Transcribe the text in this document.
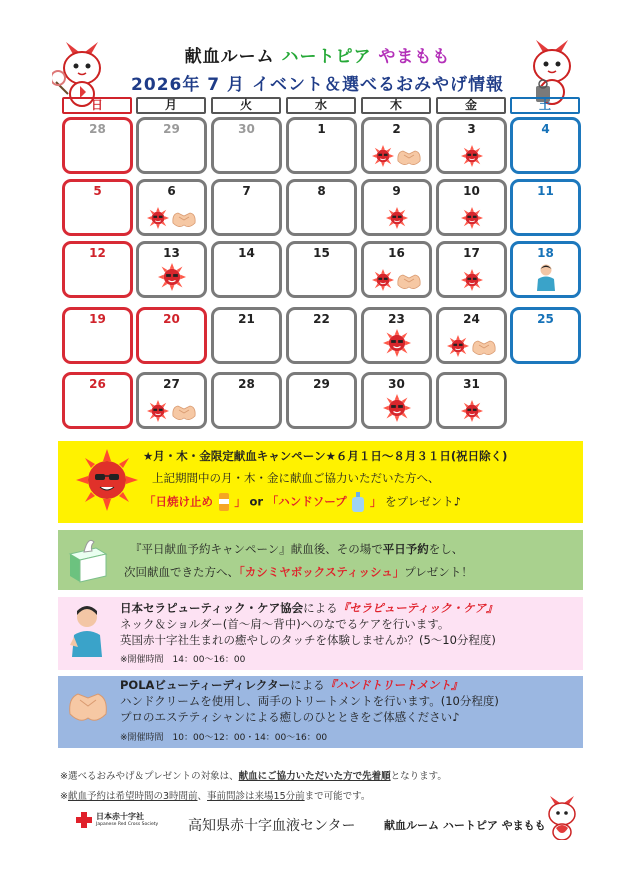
献血ルーム ハートピア やまもも
2026年 7 月 イベント＆選べるおみやげ情報
日	月	火	水	木	金	土
28	29	30	1	2	3	4
5	6	7	8	9	10	11
12	13	14	15	16	17	18
19	20	21	22	23	24	25
26	27	28	29	30	31
★月・木・金限定献血キャンペーン★６月１日～８月３１日(祝日除く)
上記期間中の月・木・金に献血ご協力いただいた方へ、
「日焼け止め 」 or 「ハンドソープ 」 をプレゼント♪
『平日献血予約キャンペーン』献血後、その場で平日予約をし、
次回献血できた方へ、「カシミヤボックスティッシュ」プレゼント！
日本セラピューティック・ケア協会による『セラピューティック・ケア』
ネック＆ショルダー(首～肩～背中)へのなでるケアを行います。
英国赤十字社生まれの癒やしのタッチを体験しませんか？(5～10分程度)
※開催時間　14：00～16：00
POLAビューティーディレクターによる『ハンドトリートメント』
ハンドクリームを使用し、両手のトリートメントを行います。(10分程度)
プロのエステティシャンによる癒しのひとときをご体感ください♪
※開催時間　10：00～12：00・14：00～16：00
※選べるおみやげ＆プレゼントの対象は、献血にご協力いただいた方で先着順となります。
※献血予約は希望時間の3時間前、事前問診は来場15分前まで可能です。
日本赤十字社
Japanese Red Cross Society 高知県赤十字血液センター	献血ルーム ハートピア やまもも
